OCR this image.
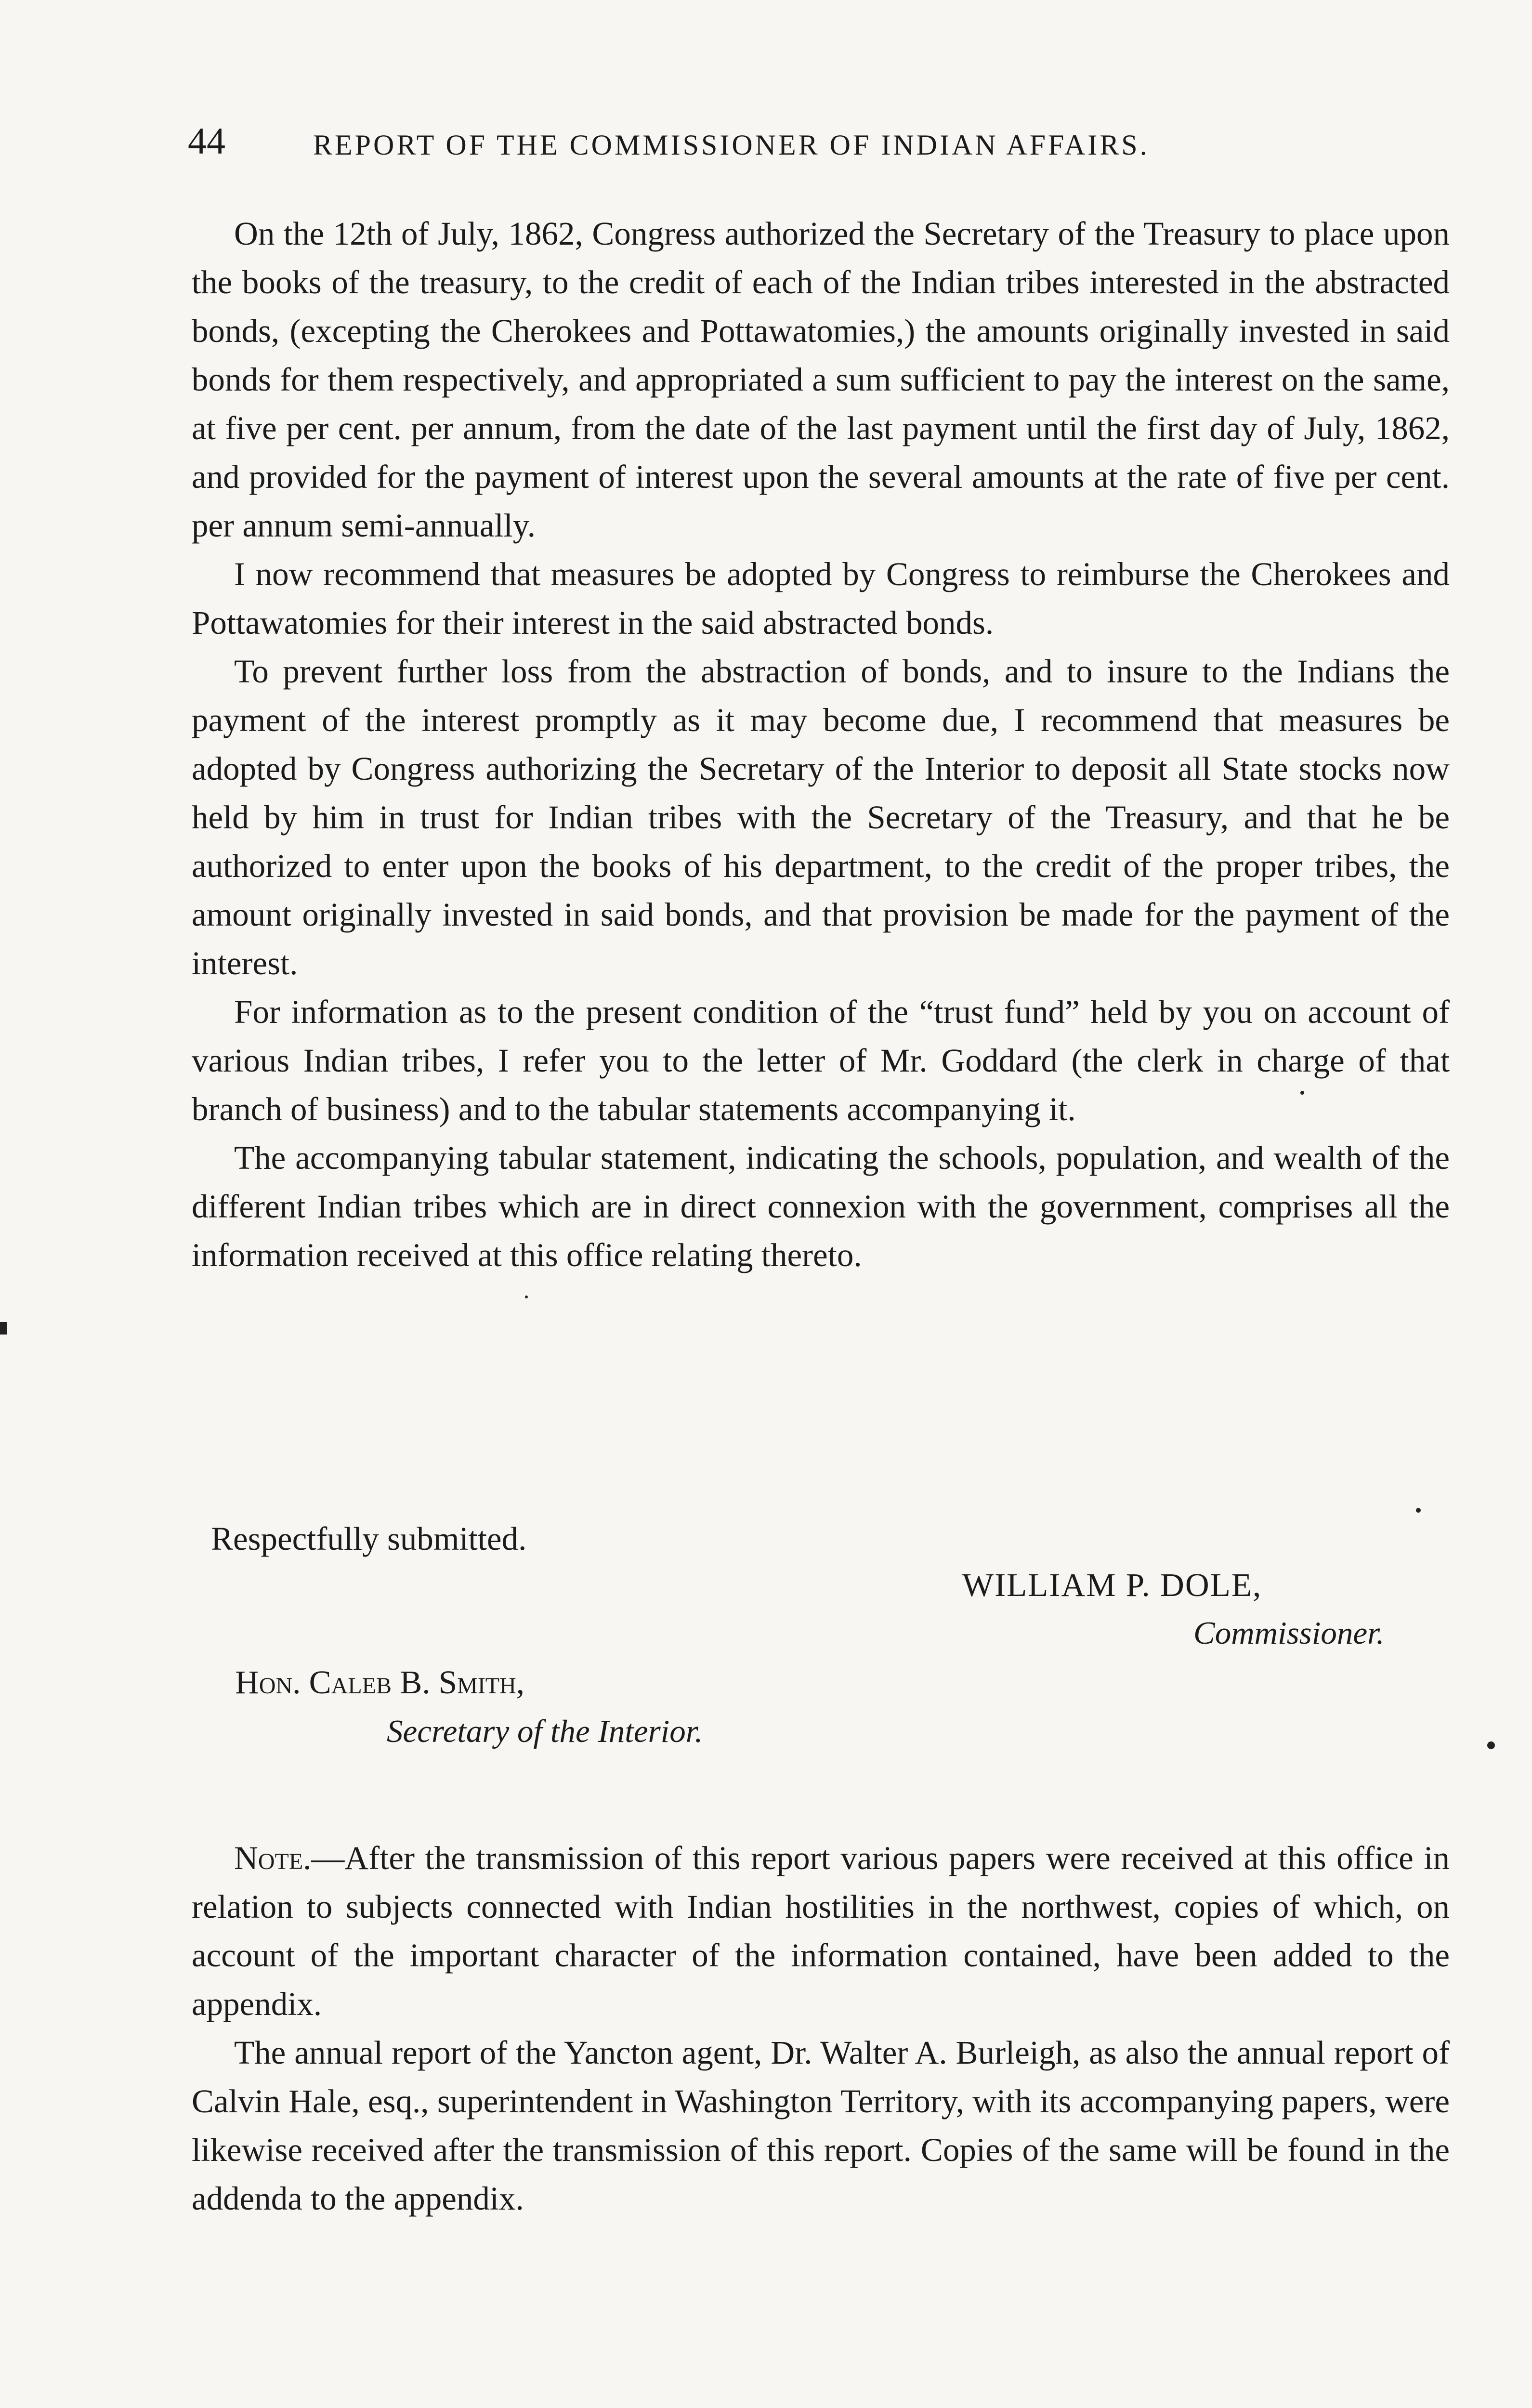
44	REPORT OF THE COMMISSIONER OF INDIAN AFFAIRS.

On the 12th of July, 1862, Congress authorized the Secretary of the Treasury to place upon the books of the treasury, to the credit of each of the Indian tribes interested in the abstracted bonds, (excepting the Cherokees and Pottawatomies,) the amounts originally invested in said bonds for them respectively, and appropriated a sum sufficient to pay the interest on the same, at five per cent. per annum, from the date of the last payment until the first day of July, 1862, and provided for the payment of interest upon the several amounts at the rate of five per cent. per annum semi-annually.

I now recommend that measures be adopted by Congress to reimburse the Cherokees and Pottawatomies for their interest in the said abstracted bonds.

To prevent further loss from the abstraction of bonds, and to insure to the Indians the payment of the interest promptly as it may become due, I recommend that measures be adopted by Congress authorizing the Secretary of the Interior to deposit all State stocks now held by him in trust for Indian tribes with the Secretary of the Treasury, and that he be authorized to enter upon the books of his department, to the credit of the proper tribes, the amount originally invested in said bonds, and that provision be made for the payment of the interest.

For information as to the present condition of the “trust fund” held by you on account of various Indian tribes, I refer you to the letter of Mr. Goddard (the clerk in charge of that branch of business) and to the tabular statements accompanying it.

The accompanying tabular statement, indicating the schools, population, and wealth of the different Indian tribes which are in direct connexion with the government, comprises all the information received at this office relating thereto.

Respectfully submitted.
WILLIAM P. DOLE,
Commissioner.
Hon. Caleb B. Smith,
Secretary of the Interior.

Note.—After the transmission of this report various papers were received at this office in relation to subjects connected with Indian hostilities in the northwest, copies of which, on account of the important character of the information contained, have been added to the appendix.

The annual report of the Yancton agent, Dr. Walter A. Burleigh, as also the annual report of Calvin Hale, esq., superintendent in Washington Territory, with its accompanying papers, were likewise received after the transmission of this report. Copies of the same will be found in the addenda to the appendix.
